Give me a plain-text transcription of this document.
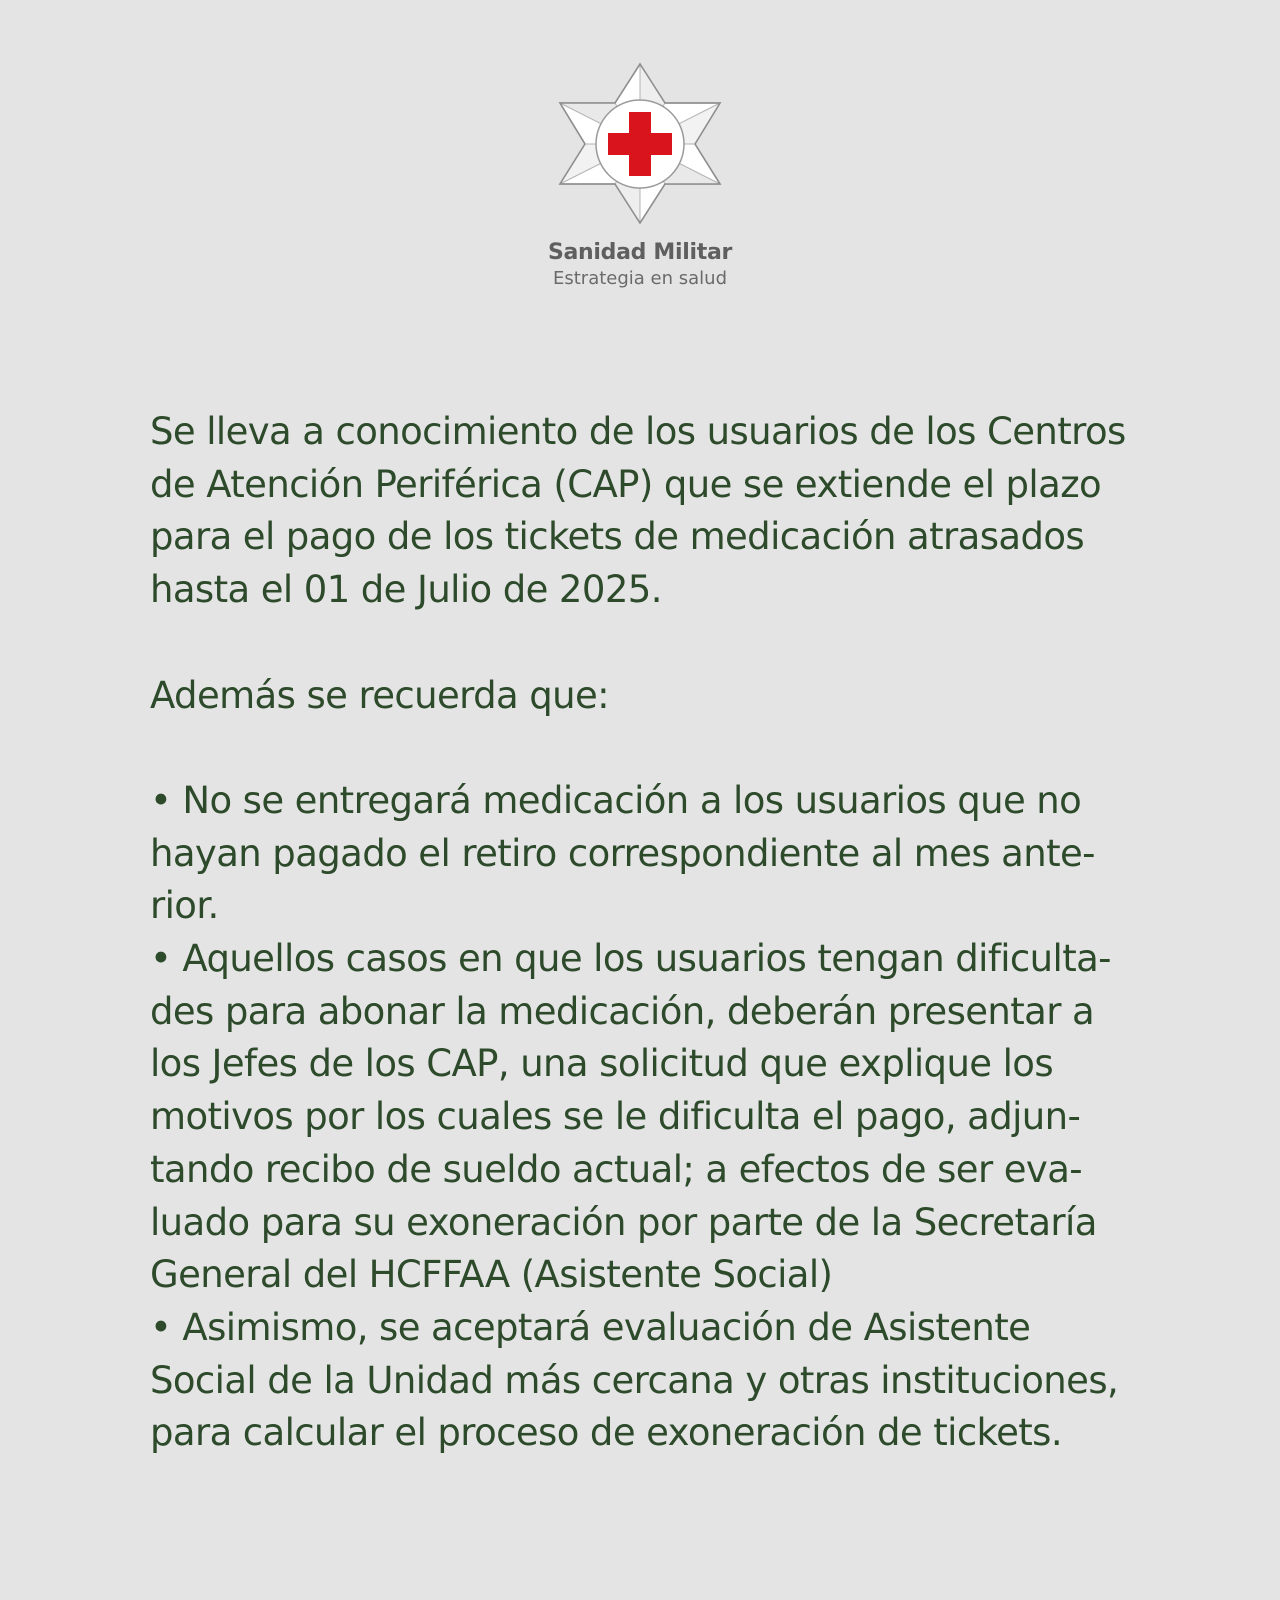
Sanidad Militar
Estrategia en salud
Se lleva a conocimiento de los usuarios de los Centros
de Atención Periférica (CAP) que se extiende el plazo
para el pago de los tickets de medicación atrasados
hasta el 01 de Julio de 2025.
Además se recuerda que:
• No se entregará medicación a los usuarios que no
hayan pagado el retiro correspondiente al mes ante-
rior.
• Aquellos casos en que los usuarios tengan dificulta-
des para abonar la medicación, deberán presentar a
los Jefes de los CAP, una solicitud que explique los
motivos por los cuales se le dificulta el pago, adjun-
tando recibo de sueldo actual; a efectos de ser eva-
luado para su exoneración por parte de la Secretaría
General del HCFFAA (Asistente Social)
• Asimismo, se aceptará evaluación de Asistente
Social de la Unidad más cercana y otras instituciones,
para calcular el proceso de exoneración de tickets.
